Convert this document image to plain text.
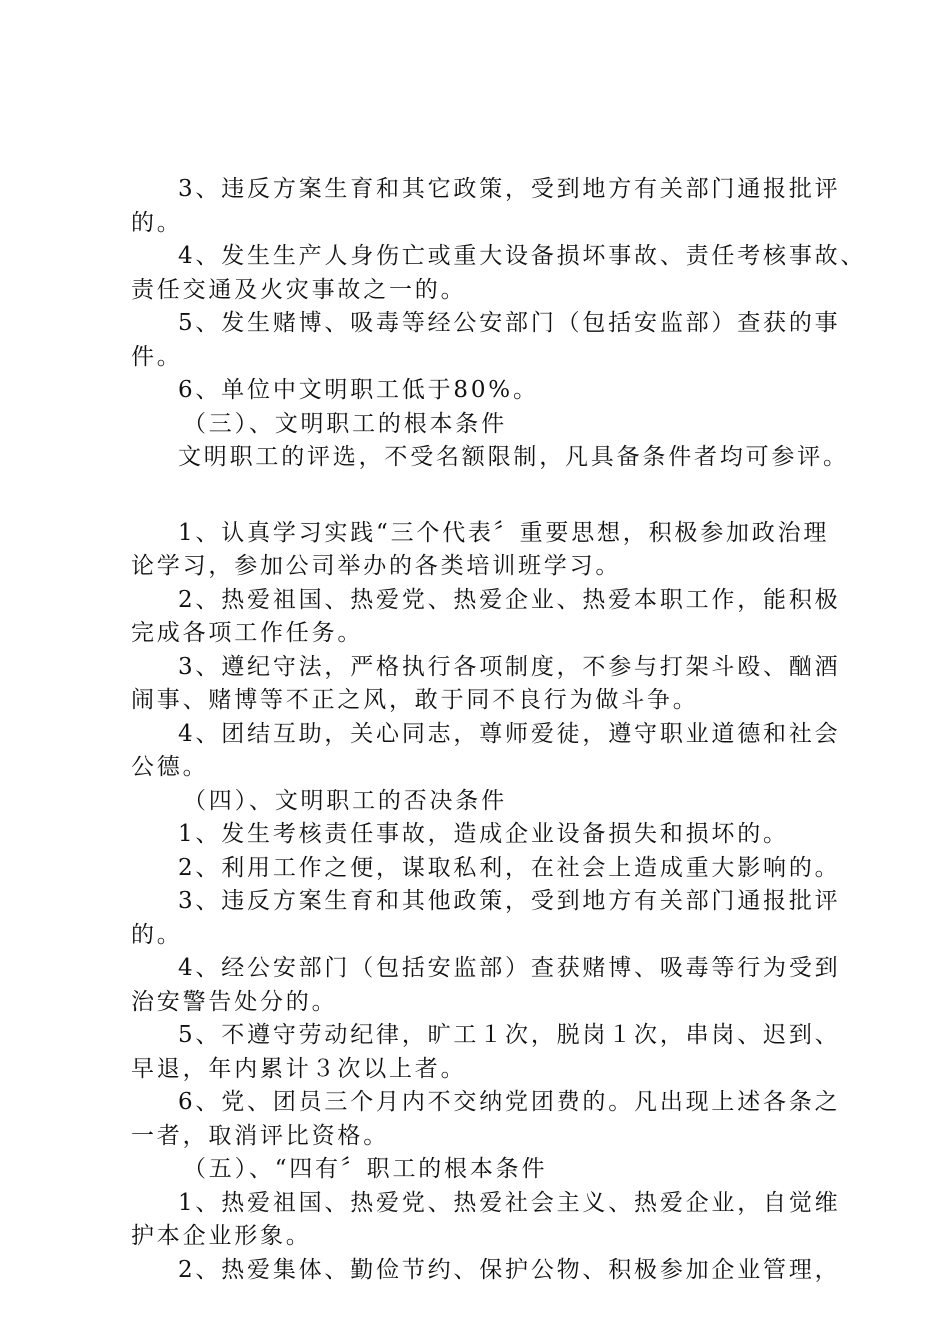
3、违反方案生育和其它政策，受到地方有关部门通报批评
的。
4、发生生产人身伤亡或重大设备损坏事故、责任考核事故、
责任交通及火灾事故之一的。
5、发生赌博、吸毒等经公安部门（包括安监部）查获的事
件。
6、单位中文明职工低于80%。
（三）、文明职工的根本条件
文明职工的评选，不受名额限制，凡具备条件者均可参评。
1、认真学习实践“三个代表〞重要思想，积极参加政治理
论学习，参加公司举办的各类培训班学习。
2、热爱祖国、热爱党、热爱企业、热爱本职工作，能积极
完成各项工作任务。
3、遵纪守法，严格执行各项制度，不参与打架斗殴、酗酒
闹事、赌博等不正之风，敢于同不良行为做斗争。
4、团结互助，关心同志，尊师爱徒，遵守职业道德和社会
公德。
（四）、文明职工的否决条件
1、发生考核责任事故，造成企业设备损失和损坏的。
2、利用工作之便，谋取私利，在社会上造成重大影响的。
3、违反方案生育和其他政策，受到地方有关部门通报批评
的。
4、经公安部门（包括安监部）查获赌博、吸毒等行为受到
治安警告处分的。
5、不遵守劳动纪律，旷工１次，脱岗１次，串岗、迟到、
早退，年内累计３次以上者。
6、党、团员三个月内不交纳党团费的。凡出现上述各条之
一者，取消评比资格。
（五）、“四有〞职工的根本条件
1、热爱祖国、热爱党、热爱社会主义、热爱企业，自觉维
护本企业形象。
2、热爱集体、勤俭节约、保护公物、积极参加企业管理，
